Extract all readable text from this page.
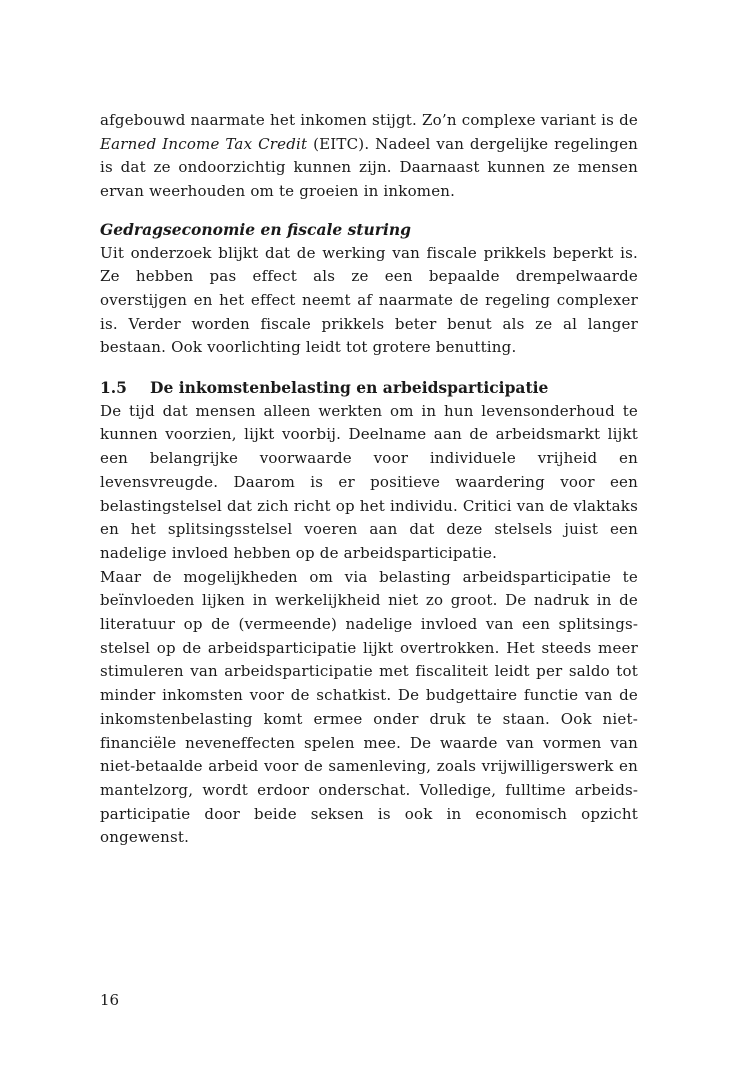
afgebouwd naarmate het inkomen stijgt. Zo’n complexe variant is de Earned Income Tax Credit (EITC). Nadeel van dergelijke regelingen is dat ze ondoorzichtig kunnen zijn. Daarnaast kunnen ze mensen ervan weerhouden om te groeien in inkomen.

Gedragseconomie en fiscale sturing

Uit onderzoek blijkt dat de werking van fiscale prikkels beperkt is. Ze hebben pas effect als ze een bepaalde drempelwaarde overstijgen en het effect neemt af naarmate de regeling complexer is. Verder worden fiscale prikkels beter benut als ze al langer bestaan. Ook voorlichting leidt tot grotere benutting.

1.5 De inkomstenbelasting en arbeidsparticipatie

De tijd dat mensen alleen werkten om in hun levensonderhoud te kunnen voorzien, lijkt voorbij. Deelname aan de arbeidsmarkt lijkt een belangrijke voorwaarde voor individuele vrijheid en levensvreugde. Daarom is er positieve waardering voor een belastingstelsel dat zich richt op het individu. Critici van de vlaktaks en het splitsingsstelsel voeren aan dat deze stelsels juist een nadelige invloed hebben op de arbeidsparticipatie.

Maar de mogelijkheden om via belasting arbeidsparticipatie te beïnvloeden lijken in werkelijkheid niet zo groot. De nadruk in de literatuur op de (vermeende) nadelige invloed van een splitsingsstelsel op de arbeidsparticipatie lijkt overtrokken. Het steeds meer stimuleren van arbeidsparticipatie met fiscaliteit leidt per saldo tot minder inkomsten voor de schatkist. De budgettaire functie van de inkomstenbelasting komt ermee onder druk te staan. Ook niet-financiële neveneffecten spelen mee. De waarde van vormen van niet-betaalde arbeid voor de samenleving, zoals vrijwilligerswerk en mantelzorg, wordt erdoor onderschat. Volledige, fulltime arbeidsparticipatie door beide seksen is ook in economisch opzicht ongewenst.

16
